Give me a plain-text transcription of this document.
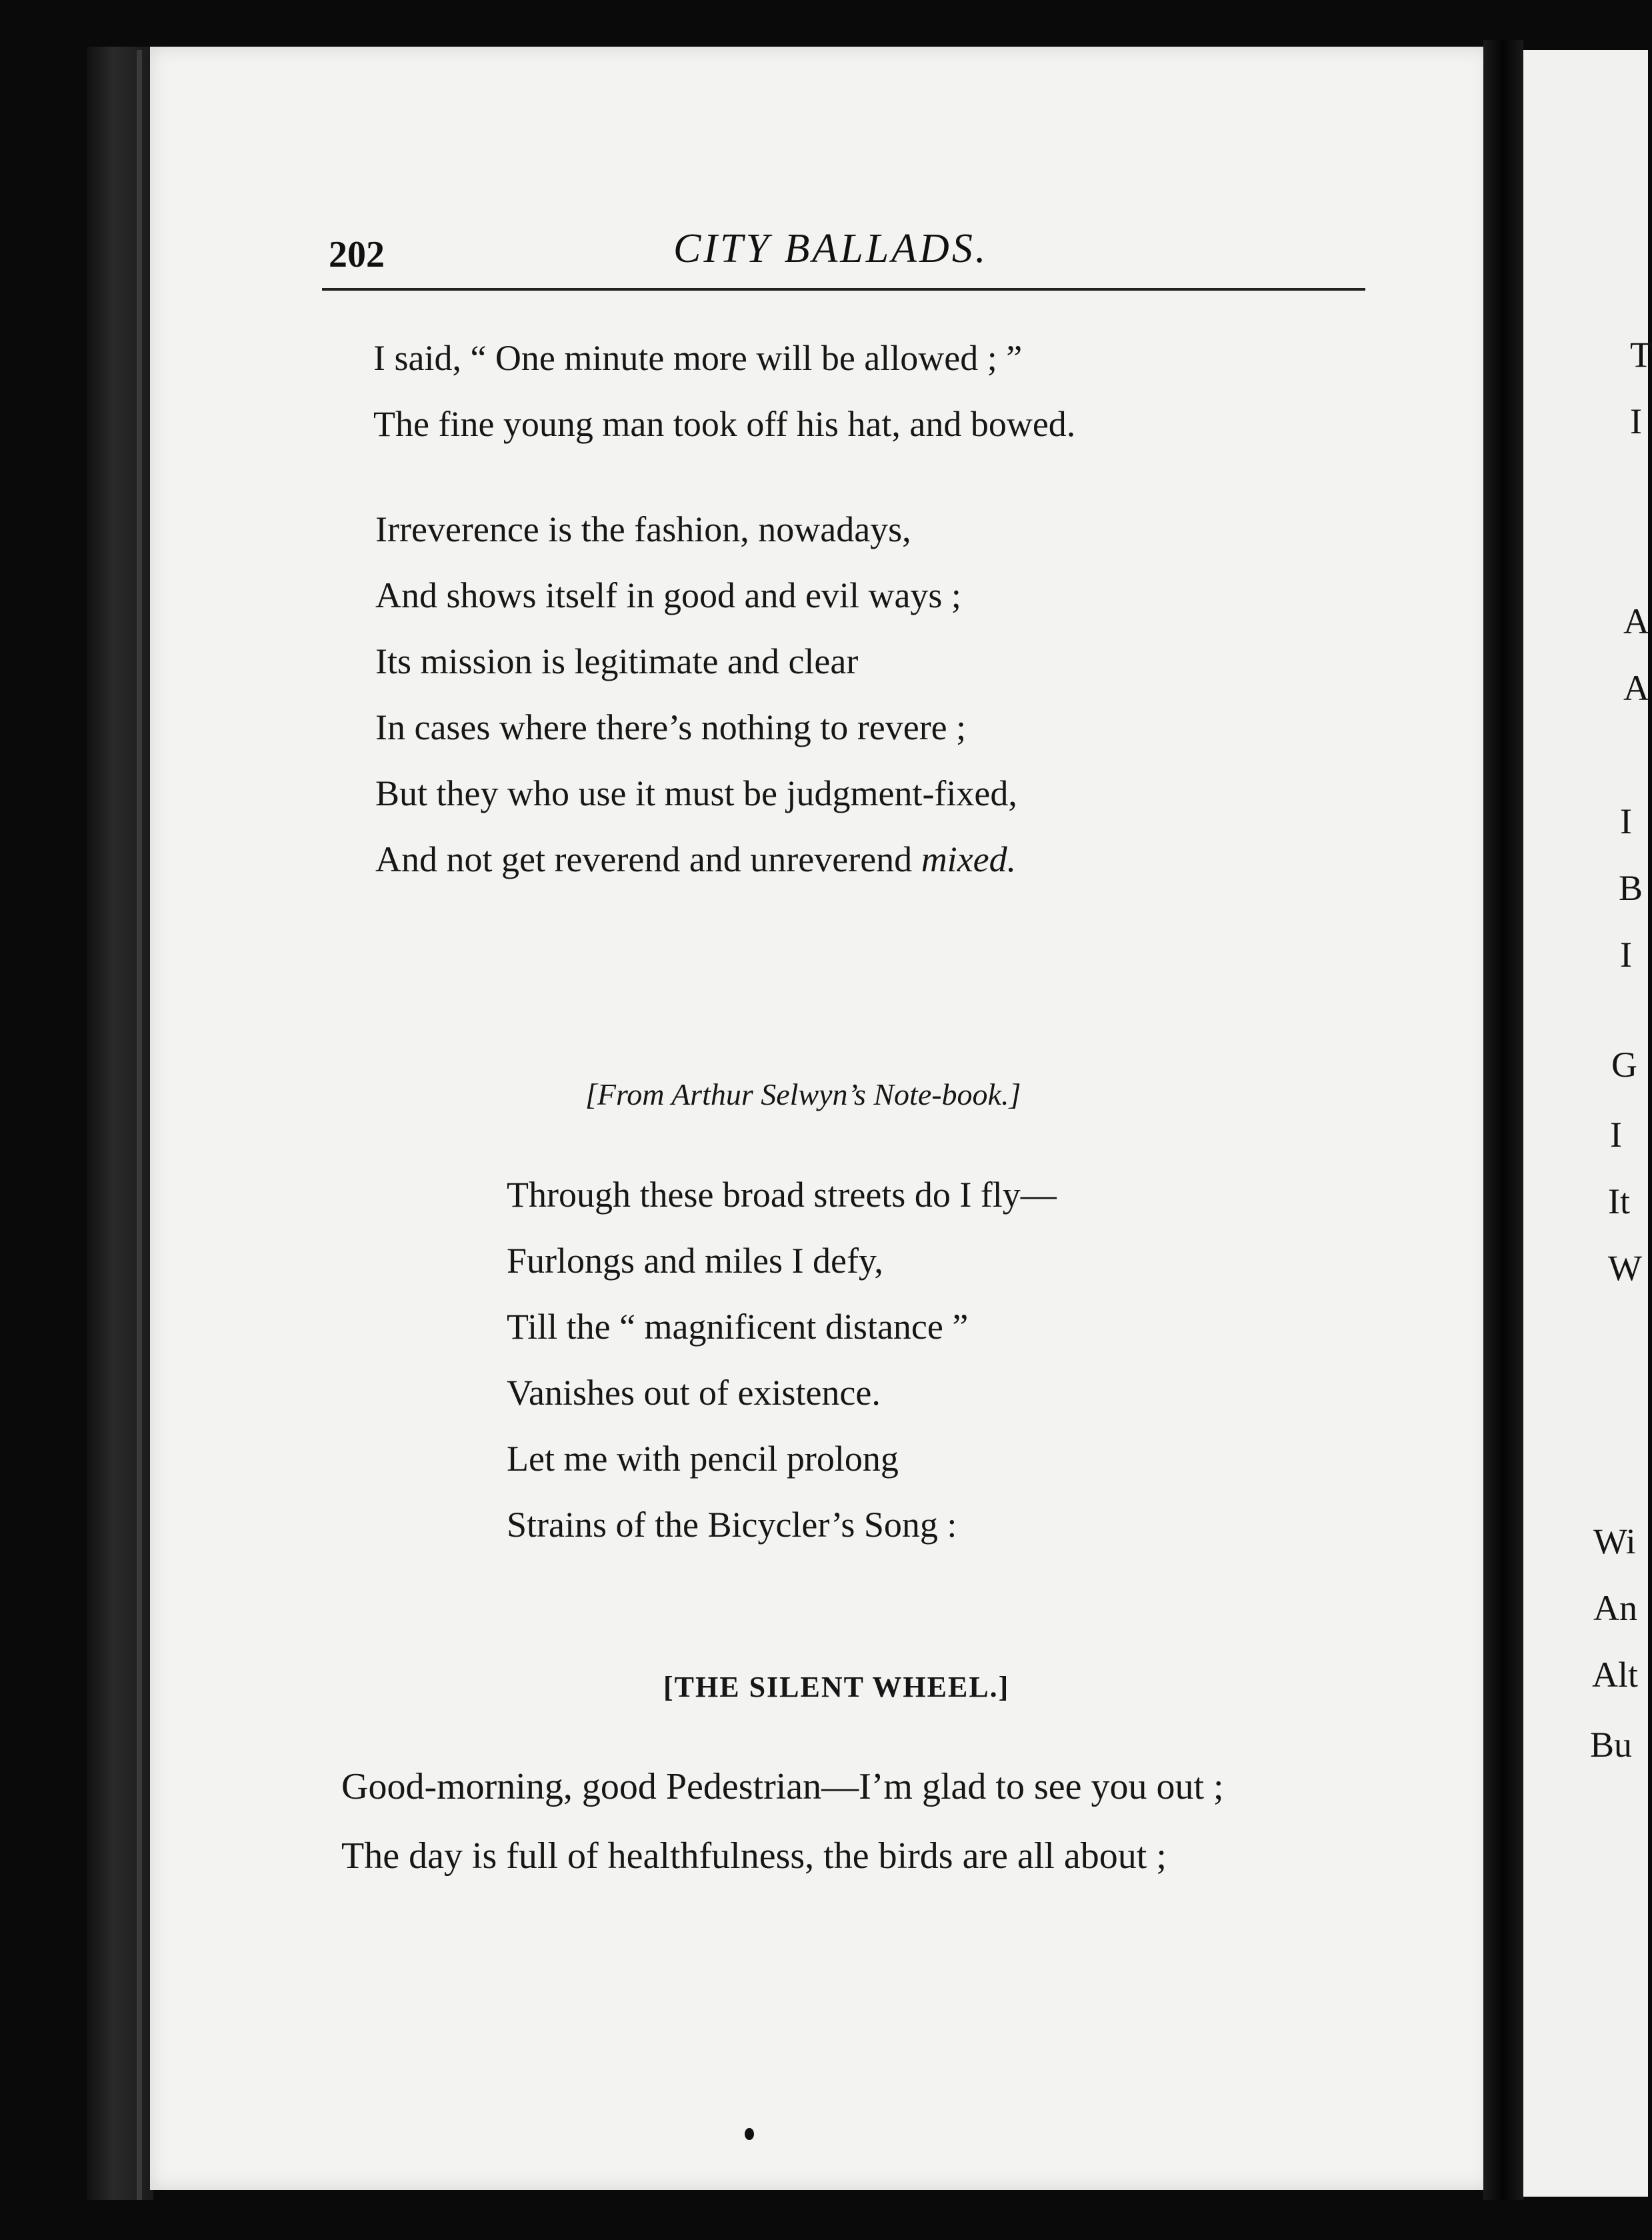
202	CITY BALLADS.
I said, “ One minute more will be allowed ; ”
The fine young man took off his hat, and bowed.
Irreverence is the fashion, nowadays,
And shows itself in good and evil ways ;
Its mission is legitimate and clear
In cases where there’s nothing to revere ;
But they who use it must be judgment-fixed,
And not get reverend and unreverend mixed.
[From Arthur Selwyn’s Note-book.]
Through these broad streets do I fly—
Furlongs and miles I defy,
Till the “ magnificent distance ”
Vanishes out of existence.
Let me with pencil prolong
Strains of the Bicycler’s Song :
[THE SILENT WHEEL.]
Good-morning, good Pedestrian—I’m glad to see you out ;
The day is full of healthfulness, the birds are all about ;
T
I
A
A
I
B
I
G
I
It
W
Wi
An
Alt
Bu
